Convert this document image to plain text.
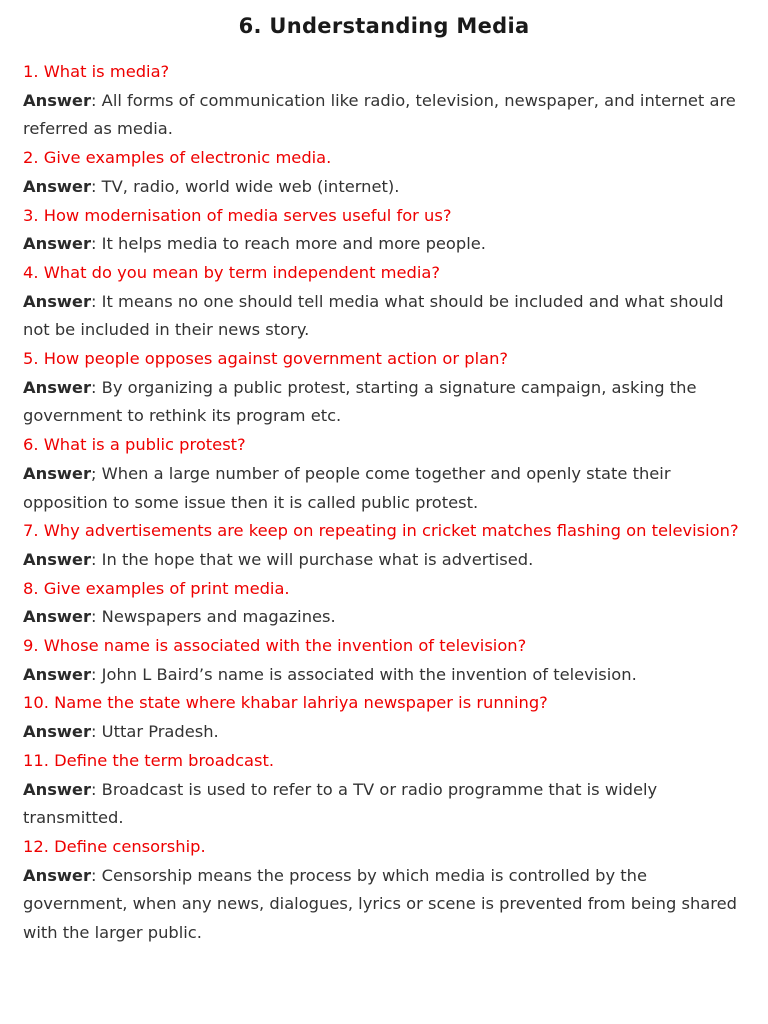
6. Understanding Media

1. What is media?

Answer: All forms of communication like radio, television, newspaper, and internet are referred as media.

2. Give examples of electronic media.

Answer: TV, radio, world wide web (internet).

3. How modernisation of media serves useful for us?

Answer: It helps media to reach more and more people.

4. What do you mean by term independent media?

Answer: It means no one should tell media what should be included and what should not be included in their news story.

5. How people opposes against government action or plan?

Answer: By organizing a public protest, starting a signature campaign, asking the government to rethink its program etc.

6. What is a public protest?

Answer; When a large number of people come together and openly state their opposition to some issue then it is called public protest.

7. Why advertisements are keep on repeating in cricket matches flashing on television?

Answer: In the hope that we will purchase what is advertised.

8. Give examples of print media.

Answer: Newspapers and magazines.

9. Whose name is associated with the invention of television?

Answer: John L Baird’s name is associated with the invention of television.

10. Name the state where khabar lahriya newspaper is running?

Answer: Uttar Pradesh.

11. Define the term broadcast.

Answer: Broadcast is used to refer to a TV or radio programme that is widely transmitted.

12. Define censorship.

Answer: Censorship means the process by which media is controlled by the government, when any news, dialogues, lyrics or scene is prevented from being shared with the larger public.
